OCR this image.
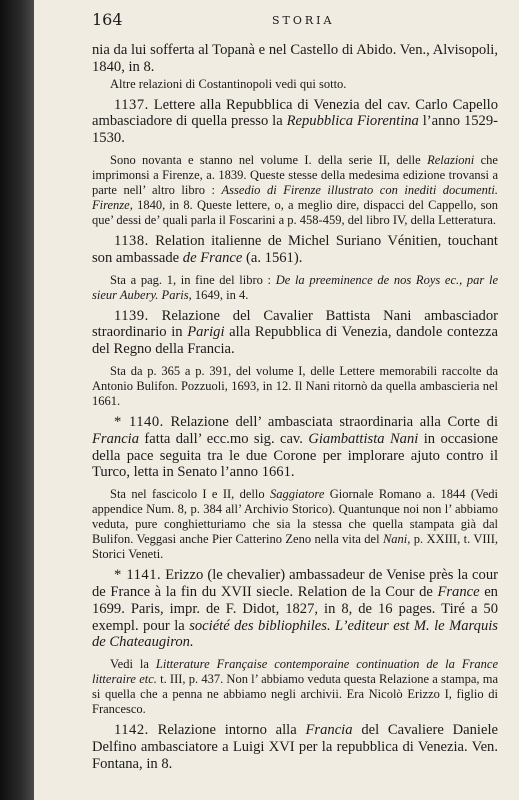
164	STORIA

nia da lui sofferta al Topanà e nel Castello di Abido. Ven., Alvisopoli, 1840, in 8.

Altre relazioni di Costantinopoli vedi qui sotto.

1137. Lettere alla Repubblica di Venezia del cav. Carlo Capello ambasciadore di quella presso la Repubblica Fiorentina l’anno 1529-1530.

Sono novanta e stanno nel volume I. della serie II, delle Relazioni che imprimonsi a Firenze, a. 1839. Queste stesse della medesima edizione trovansi a parte nell’ altro libro : Assedio di Firenze illustrato con inediti documenti. Firenze, 1840, in 8. Queste lettere, o, a meglio dire, dispacci del Cappello, son que’ dessi de’ quali parla il Foscarini a p. 458-459, del libro IV, della Letteratura.

1138. Relation italienne de Michel Suriano Vénitien, touchant son ambassade de France (a. 1561).

Sta a pag. 1, in fine del libro : De la preeminence de nos Roys ec., par le sieur Aubery. Paris, 1649, in 4.

1139. Relazione del Cavalier Battista Nani ambasciador straordinario in Parigi alla Repubblica di Venezia, dandole contezza del Regno della Francia.

Sta da p. 365 a p. 391, del volume I, delle Lettere memorabili raccolte da Antonio Bulifon. Pozzuoli, 1693, in 12. Il Nani ritornò da quella ambascieria nel 1661.

* 1140. Relazione dell’ ambasciata straordinaria alla Corte di Francia fatta dall’ ecc.mo sig. cav. Giambattista Nani in occasione della pace seguita tra le due Corone per implorare ajuto contro il Turco, letta in Senato l’anno 1661.

Sta nel fascicolo I e II, dello Saggiatore Giornale Romano a. 1844 (Vedi appendice Num. 8, p. 384 all’ Archivio Storico). Quantunque noi non l’ abbiamo veduta, pure conghietturiamo che sia la stessa che quella stampata già dal Bulifon. Veggasi anche Pier Catterino Zeno nella vita del Nani, p. XXIII, t. VIII, Storici Veneti.

* 1141. Erizzo (le chevalier) ambassadeur de Venise près la cour de France à la fin du XVII siecle. Relation de la Cour de France en 1699. Paris, impr. de F. Didot, 1827, in 8, de 16 pages. Tiré a 50 exempl. pour la société des bibliophiles. L’editeur est M. le Marquis de Chateaugiron.

Vedi la Litterature Française contemporaine continuation de la France litteraire etc. t. III, p. 437. Non l’ abbiamo veduta questa Relazione a stampa, ma si quella che a penna ne abbiamo negli archivii. Era Nicolò Erizzo I, figlio di Francesco.

1142. Relazione intorno alla Francia del Cavaliere Daniele Delfino ambasciatore a Luigi XVI per la repubblica di Venezia. Ven. Fontana, in 8.
